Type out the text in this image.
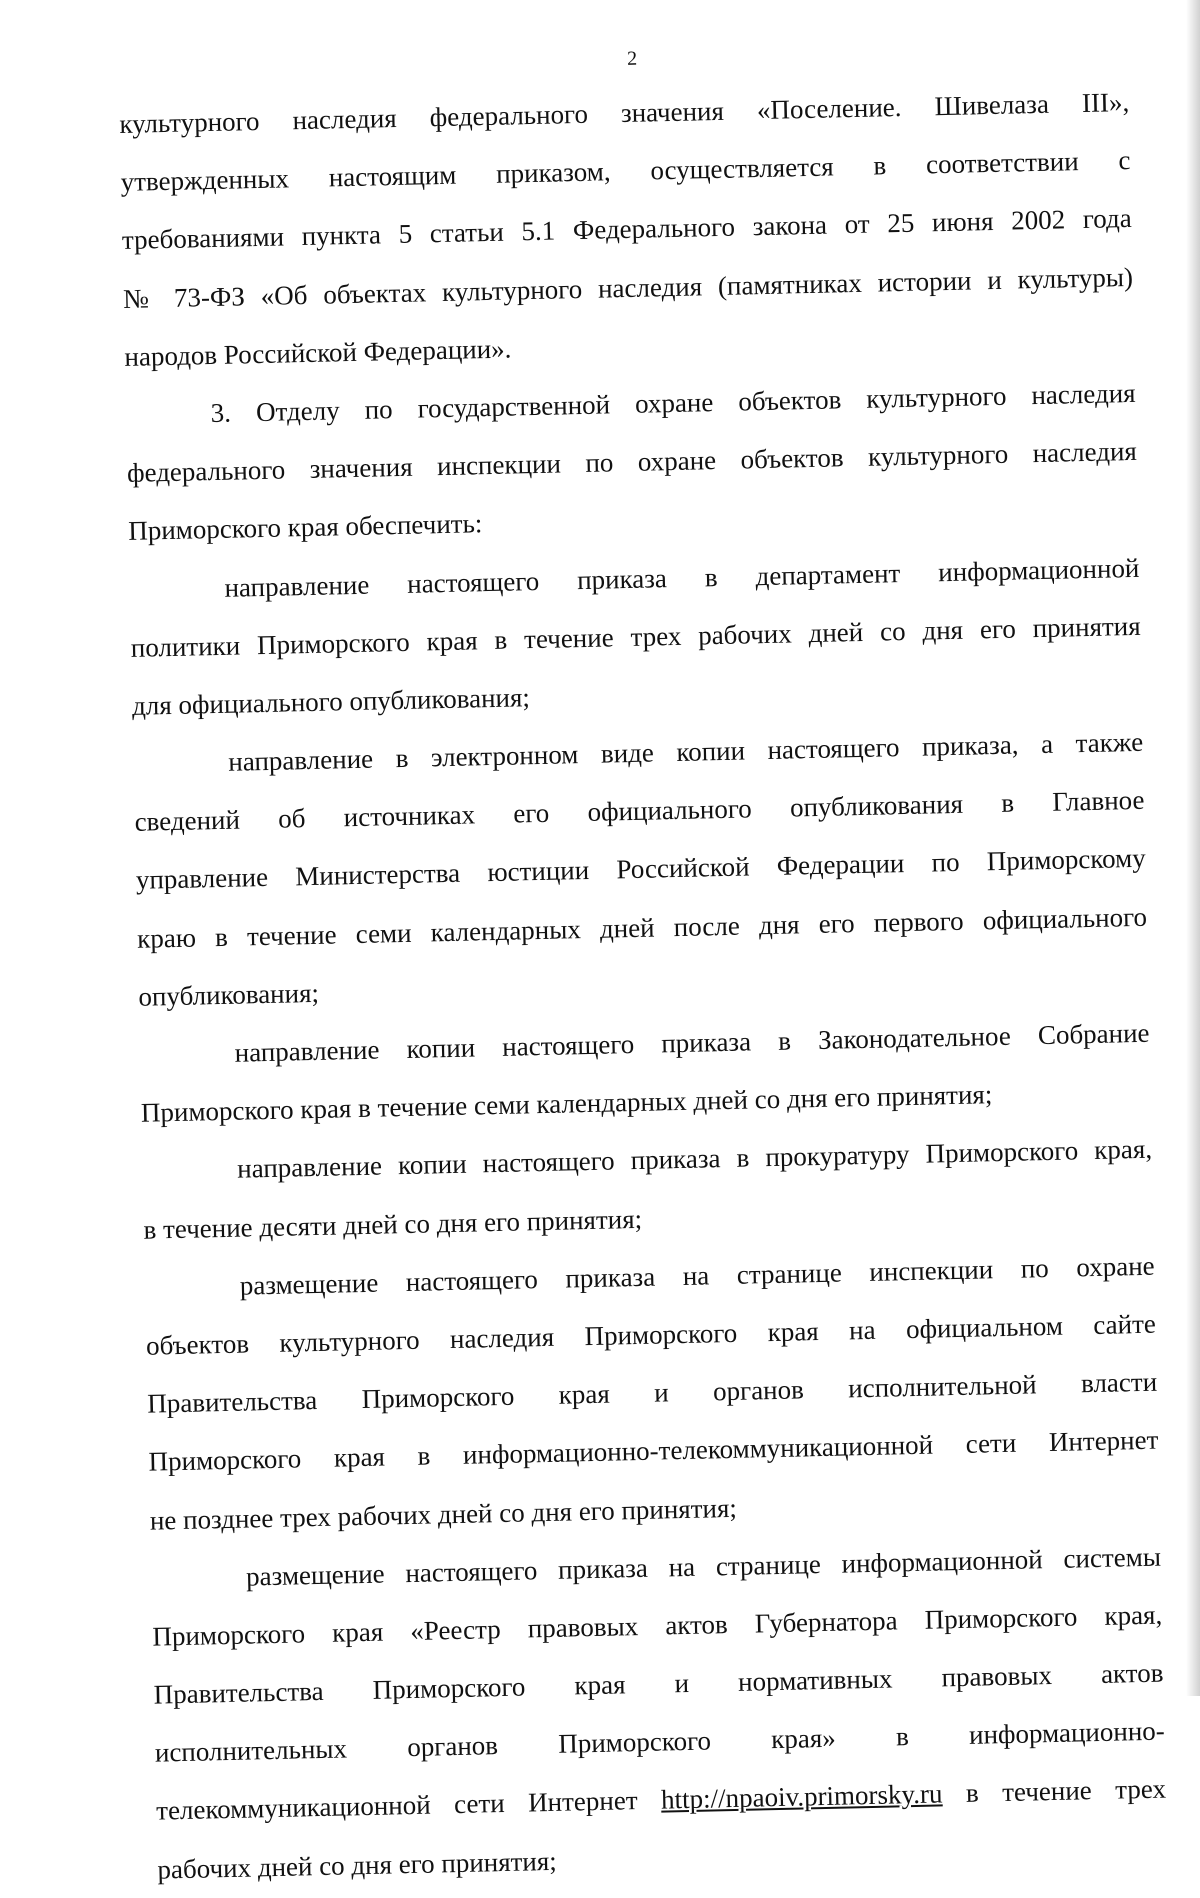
2
культурного наследия федерального значения «Поселение. Шивелаза III»,
утвержденных настоящим приказом, осуществляется в соответствии с
требованиями пункта 5 статьи 5.1 Федерального закона от 25 июня 2002 года
№ 73-ФЗ «Об объектах культурного наследия (памятниках истории и культуры)
народов Российской Федерации».
3. Отделу по государственной охране объектов культурного наследия
федерального значения инспекции по охране объектов культурного наследия
Приморского края обеспечить:
направление настоящего приказа в департамент информационной
политики Приморского края в течение трех рабочих дней со дня его принятия
для официального опубликования;
направление в электронном виде копии настоящего приказа, а также
сведений об источниках его официального опубликования в Главное
управление Министерства юстиции Российской Федерации по Приморскому
краю в течение семи календарных дней после дня его первого официального
опубликования;
направление копии настоящего приказа в Законодательное Собрание
Приморского края в течение семи календарных дней со дня его принятия;
направление копии настоящего приказа в прокуратуру Приморского края,
в течение десяти дней со дня его принятия;
размещение настоящего приказа на странице инспекции по охране
объектов культурного наследия Приморского края на официальном сайте
Правительства Приморского края и органов исполнительной власти
Приморского края в информационно-телекоммуникационной сети Интернет
не позднее трех рабочих дней со дня его принятия;
размещение настоящего приказа на странице информационной системы
Приморского края «Реестр правовых актов Губернатора Приморского края,
Правительства Приморского края и нормативных правовых актов
исполнительных органов Приморского края» в информационно-
телекоммуникационной сети Интернет http://npaoiv.primorsky.ru в течение трех
рабочих дней со дня его принятия;
